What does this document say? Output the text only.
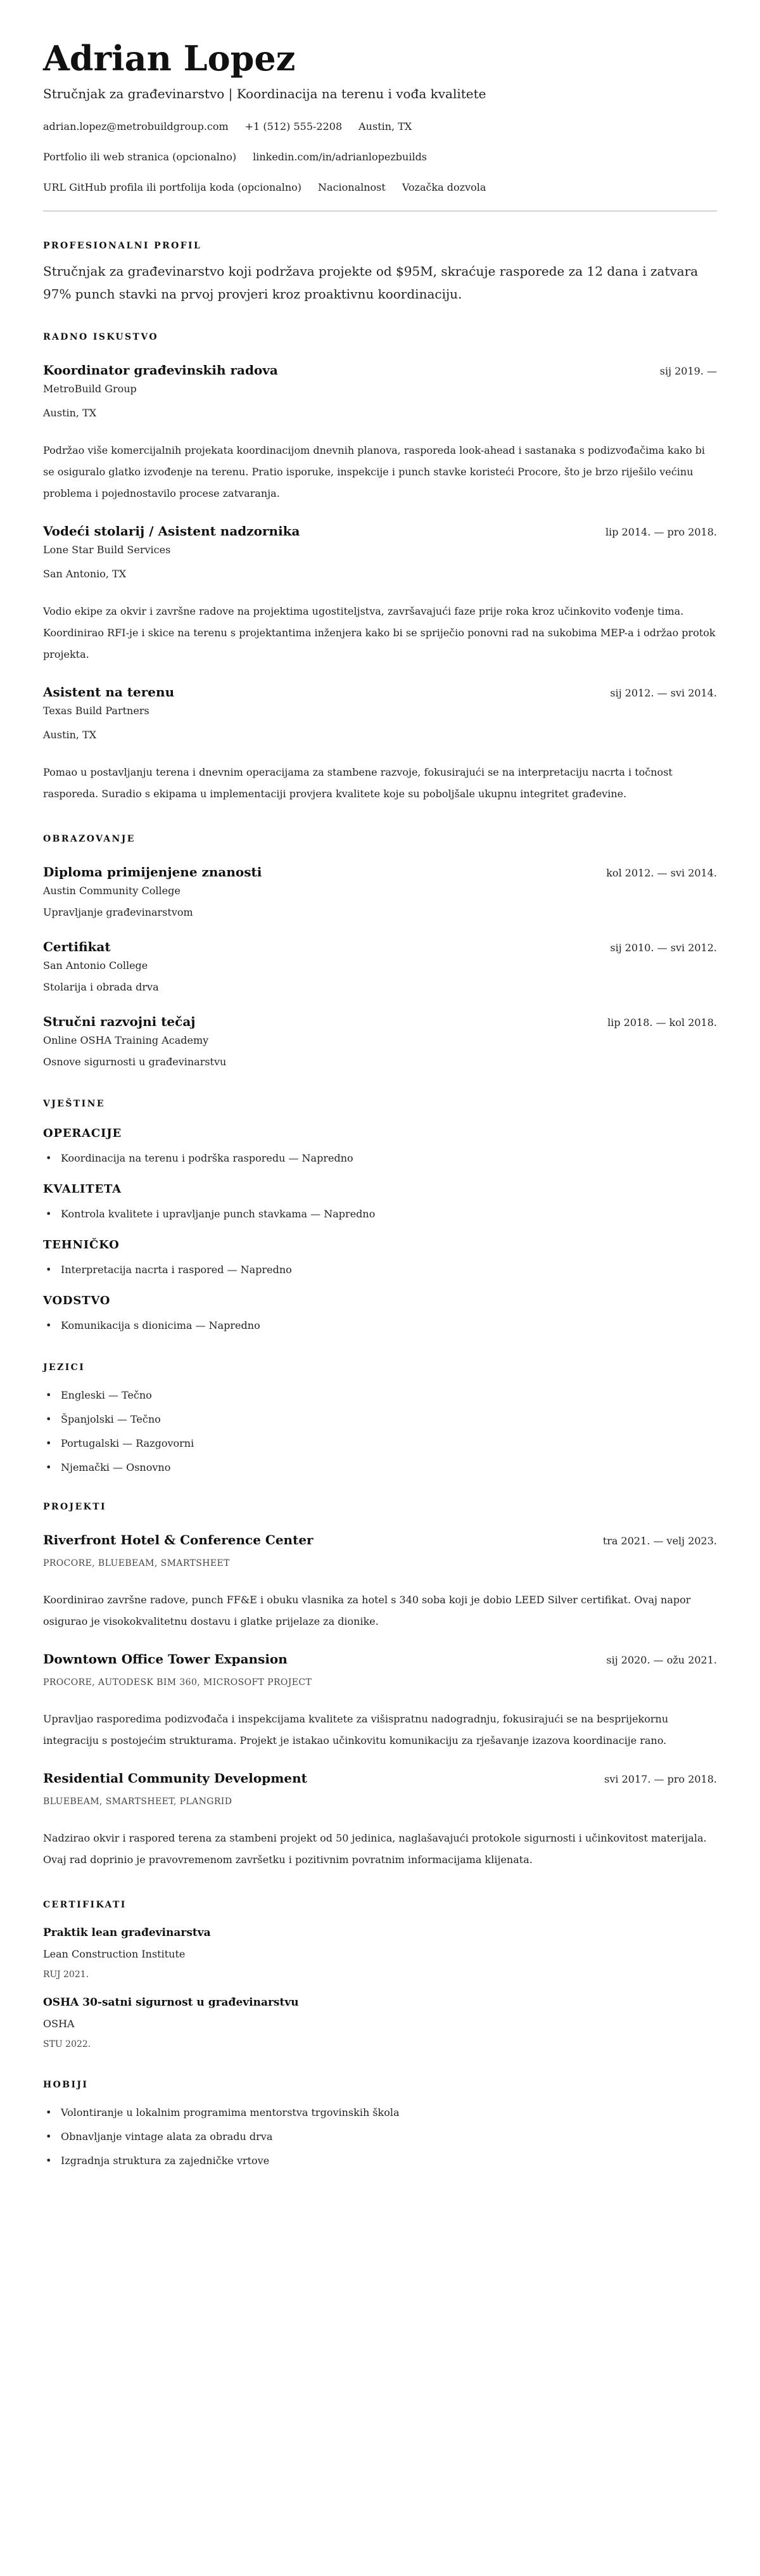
Adrian Lopez
Stručnjak za građevinarstvo | Koordinacija na terenu i vođa kvalitete
adrian.lopez@metrobuildgroup.com +1 (512) 555-2208 Austin, TX
Portfolio ili web stranica (opcionalno) linkedin.com/in/adrianlopezbuilds
URL GitHub profila ili portfolija koda (opcionalno) Nacionalnost Vozačka dozvola
PROFESIONALNI PROFIL

Stručnjak za građevinarstvo koji podržava projekte od $95M, skraćuje rasporede za 12 dana i zatvara 97% punch stavki na prvoj provjeri kroz proaktivnu koordinaciju.

RADNO ISKUSTVO
Koordinator građevinskih radova	sij 2019. —
MetroBuild Group
Austin, TX

Podržao više komercijalnih projekata koordinacijom dnevnih planova, rasporeda look-ahead i sastanaka s podizvođačima kako bi se osiguralo glatko izvođenje na terenu. Pratio isporuke, inspekcije i punch stavke koristeći Procore, što je brzo riješilo većinu problema i pojednostavilo procese zatvaranja.

Vodeći stolarij / Asistent nadzornika	lip 2014. — pro 2018.
Lone Star Build Services
San Antonio, TX

Vodio ekipe za okvir i završne radove na projektima ugostiteljstva, završavajući faze prije roka kroz učinkovito vođenje tima. Koordinirao RFI-je i skice na terenu s projektantima inženjera kako bi se spriječio ponovni rad na sukobima MEP-a i održao protok projekta.

Asistent na terenu	sij 2012. — svi 2014.
Texas Build Partners
Austin, TX

Pomao u postavljanju terena i dnevnim operacijama za stambene razvoje, fokusirajući se na interpretaciju nacrta i točnost rasporeda. Suradio s ekipama u implementaciji provjera kvalitete koje su poboljšale ukupnu integritet građevine.

OBRAZOVANJE
Diploma primijenjene znanosti	kol 2012. — svi 2014.
Austin Community College
Upravljanje građevinarstvom
Certifikat	sij 2010. — svi 2012.
San Antonio College
Stolarija i obrada drva
Stručni razvojni tečaj	lip 2018. — kol 2018.
Online OSHA Training Academy
Osnove sigurnosti u građevinarstvu
VJEŠTINE
OPERACIJE
• Koordinacija na terenu i podrška rasporedu — Napredno
KVALITETA
• Kontrola kvalitete i upravljanje punch stavkama — Napredno
TEHNIČKO
• Interpretacija nacrta i raspored — Napredno
VODSTVO
• Komunikacija s dionicima — Napredno
JEZICI
• Engleski — Tečno
• Španjolski — Tečno
• Portugalski — Razgovorni
• Njemački — Osnovno
PROJEKTI
Riverfront Hotel & Conference Center	tra 2021. — velj 2023.
PROCORE, BLUEBEAM, SMARTSHEET

Koordinirao završne radove, punch FF&E i obuku vlasnika za hotel s 340 soba koji je dobio LEED Silver certifikat. Ovaj napor osigurao je visokokvalitetnu dostavu i glatke prijelaze za dionike.

Downtown Office Tower Expansion	sij 2020. — ožu 2021.
PROCORE, AUTODESK BIM 360, MICROSOFT PROJECT

Upravljao rasporedima podizvođača i inspekcijama kvalitete za višispratnu nadogradnju, fokusirajući se na besprijekornu integraciju s postojećim strukturama. Projekt je istakao učinkovitu komunikaciju za rješavanje izazova koordinacije rano.

Residential Community Development	svi 2017. — pro 2018.
BLUEBEAM, SMARTSHEET, PLANGRID

Nadzirao okvir i raspored terena za stambeni projekt od 50 jedinica, naglašavajući protokole sigurnosti i učinkovitost materijala. Ovaj rad doprinio je pravovremenom završetku i pozitivnim povratnim informacijama klijenata.

CERTIFIKATI
Praktik lean građevinarstva
Lean Construction Institute
RUJ 2021.
OSHA 30-satni sigurnost u građevinarstvu
OSHA
STU 2022.
HOBIJI
• Volontiranje u lokalnim programima mentorstva trgovinskih škola
• Obnavljanje vintage alata za obradu drva
• Izgradnja struktura za zajedničke vrtove
